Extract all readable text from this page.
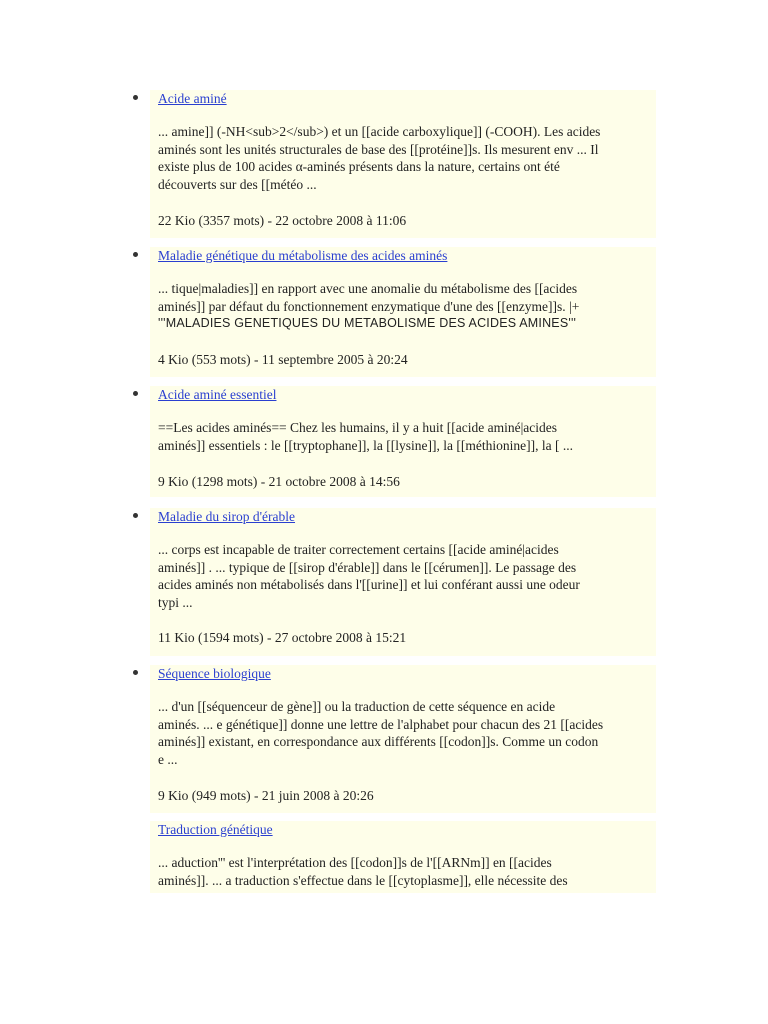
Acide aminé
... amine]] (-NH<sub>2</sub>) et un [[acide carboxylique]] (-COOH). Les acides
aminés sont les unités structurales de base des [[protéine]]s. Ils mesurent env ... Il
existe plus de 100 acides α-aminés présents dans la nature, certains ont été
découverts sur des [[météo ...
22 Kio (3357 mots) - 22 octobre 2008 à 11:06
Maladie génétique du métabolisme des acides aminés
... tique|maladies]] en rapport avec une anomalie du métabolisme des [[acides
aminés]] par défaut du fonctionnement enzymatique d'une des [[enzyme]]s. |+
'''MALADIES GENETIQUES DU METABOLISME DES ACIDES AMINES'''
4 Kio (553 mots) - 11 septembre 2005 à 20:24
Acide aminé essentiel
==Les acides aminés== Chez les humains, il y a huit [[acide aminé|acides
aminés]] essentiels : le [[tryptophane]], la [[lysine]], la [[méthionine]], la [ ...
9 Kio (1298 mots) - 21 octobre 2008 à 14:56
Maladie du sirop d'érable
... corps est incapable de traiter correctement certains [[acide aminé|acides
aminés]] . ... typique de [[sirop d'érable]] dans le [[cérumen]]. Le passage des
acides aminés non métabolisés dans l'[[urine]] et lui conférant aussi une odeur
typi ...
11 Kio (1594 mots) - 27 octobre 2008 à 15:21
Séquence biologique
... d'un [[séquenceur de gène]] ou la traduction de cette séquence en acide
aminés. ... e génétique]] donne une lettre de l'alphabet pour chacun des 21 [[acides
aminés]] existant, en correspondance aux différents [[codon]]s. Comme un codon
e ...
9 Kio (949 mots) - 21 juin 2008 à 20:26
Traduction génétique
... aduction''' est l'interprétation des [[codon]]s de l'[[ARNm]] en [[acides
aminés]]. ... a traduction s'effectue dans le [[cytoplasme]], elle nécessite des
